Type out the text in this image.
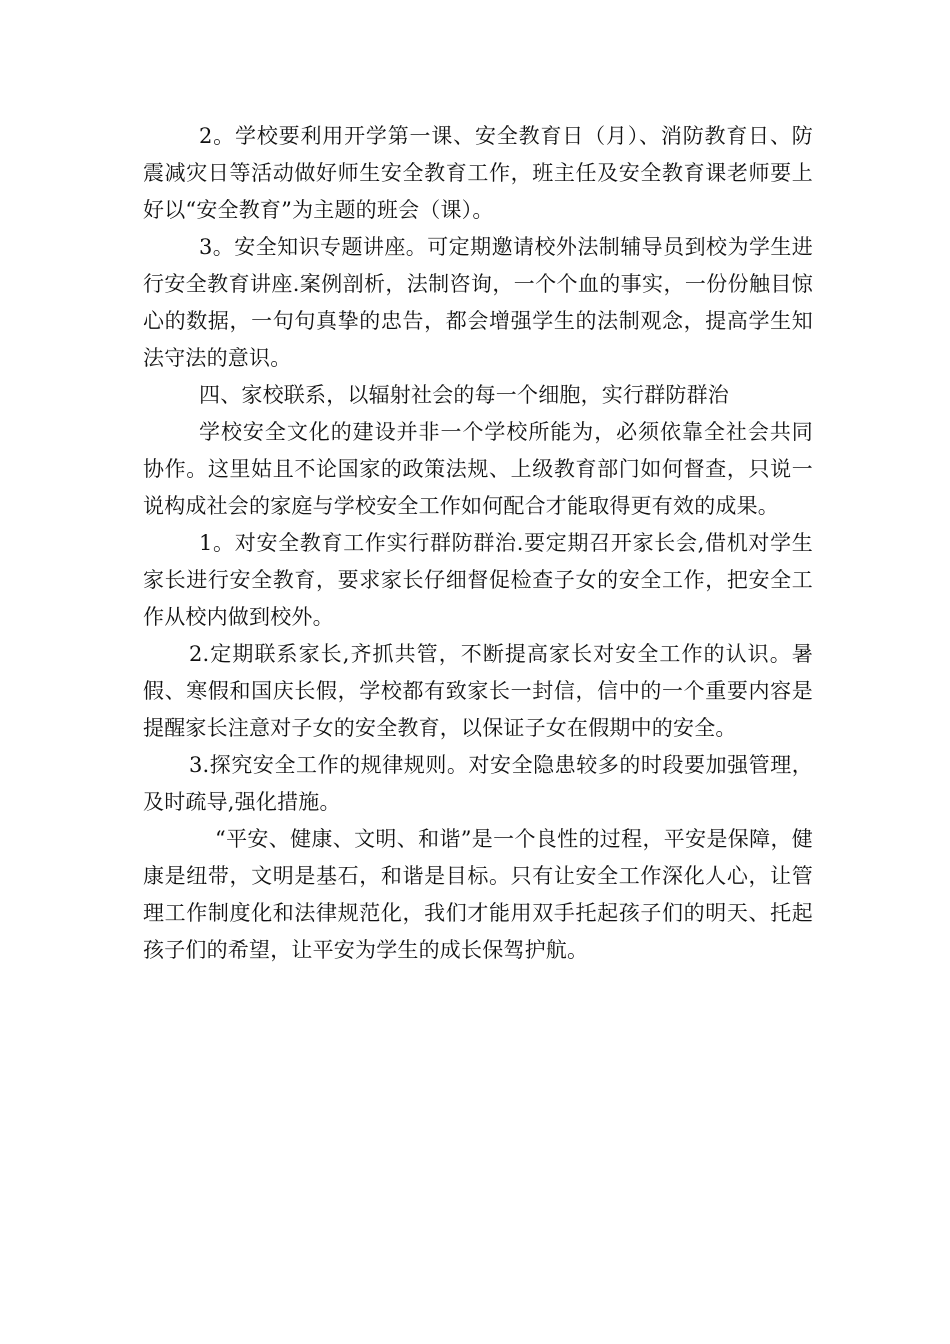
2。学校要利用开学第一课、安全教育日（月）、消防教育日、防震减灾日等活动做好师生安全教育工作，班主任及安全教育课老师要上好以“安全教育”为主题的班会（课）。

3。安全知识专题讲座。可定期邀请校外法制辅导员到校为学生进行安全教育讲座.案例剖析，法制咨询，一个个血的事实，一份份触目惊心的数据，一句句真挚的忠告，都会增强学生的法制观念，提高学生知法守法的意识。

四、家校联系，以辐射社会的每一个细胞，实行群防群治

学校安全文化的建设并非一个学校所能为，必须依靠全社会共同协作。这里姑且不论国家的政策法规、上级教育部门如何督查，只说一说构成社会的家庭与学校安全工作如何配合才能取得更有效的成果。

1。对安全教育工作实行群防群治.要定期召开家长会,借机对学生家长进行安全教育，要求家长仔细督促检查子女的安全工作，把安全工作从校内做到校外。

2.定期联系家长,齐抓共管，不断提高家长对安全工作的认识。暑假、寒假和国庆长假，学校都有致家长一封信，信中的一个重要内容是提醒家长注意对子女的安全教育，以保证子女在假期中的安全。

3.探究安全工作的规律规则。对安全隐患较多的时段要加强管理，及时疏导,强化措施。

“平安、健康、文明、和谐”是一个良性的过程，平安是保障，健康是纽带，文明是基石，和谐是目标。只有让安全工作深化人心，让管理工作制度化和法律规范化，我们才能用双手托起孩子们的明天、托起孩子们的希望，让平安为学生的成长保驾护航。
